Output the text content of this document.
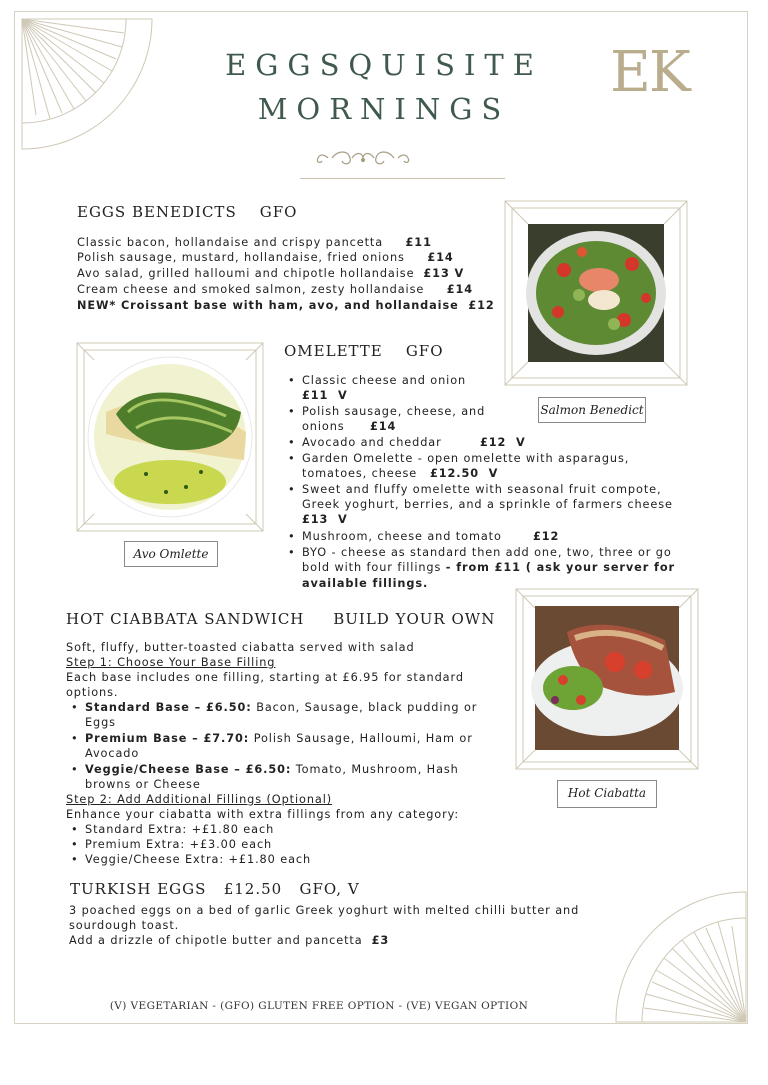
EGGSQUISITE
MORNINGS
EK
EGGS BENEDICTS    GFO
Classic bacon, hollandaise and crispy pancetta £11
Polish sausage, mustard, hollandaise, fried onions £14
Avo salad, grilled halloumi and chipotle hollandaise £13 V
Cream cheese and smoked salmon, zesty hollandaise £14
NEW* Croissant base with ham, avo, and hollandaise £12
Salmon Benedict
Avo Omlette
OMELETTE    GFO
• Classic cheese and onion
£11  V
• Polish sausage, cheese, and
onions £14
• Avocado and cheddar	£12  V
• Garden Omelette - open omelette with asparagus,
tomatoes, cheese £12.50  V
• Sweet and fluffy omelette with seasonal fruit compote,
Greek yoghurt, berries, and a sprinkle of farmers cheese
£13  V
• Mushroom, cheese and tomato	£12
• BYO - cheese as standard then add one, two, three or go
bold with four fillings - from £11 ( ask your server for
available fillings.
HOT CIABBATA SANDWICH     BUILD YOUR OWN
Soft, fluffy, butter-toasted ciabatta served with salad
Step 1: Choose Your Base Filling
Each base includes one filling, starting at £6.95 for standard
options.
• Standard Base – £6.50: Bacon, Sausage, black pudding or
Eggs
• Premium Base – £7.70: Polish Sausage, Halloumi, Ham or
Avocado
• Veggie/Cheese Base – £6.50: Tomato, Mushroom, Hash
browns or Cheese
Step 2: Add Additional Fillings (Optional)
Enhance your ciabatta with extra fillings from any category:
• Standard Extra: +£1.80 each
• Premium Extra: +£3.00 each
• Veggie/Cheese Extra: +£1.80 each
Hot Ciabatta
TURKISH EGGS   £12.50   GFO, V
3 poached eggs on a bed of garlic Greek yoghurt with melted chilli butter and
sourdough toast.
Add a drizzle of chipotle butter and pancetta £3
(V) VEGETARIAN - (GFO) GLUTEN FREE OPTION - (VE) VEGAN OPTION
